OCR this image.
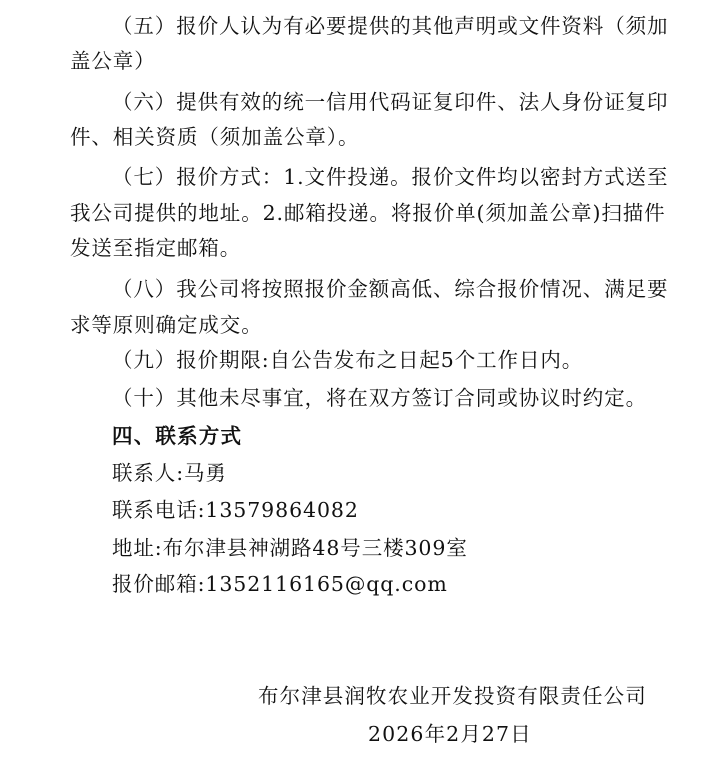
（五）报价人认为有必要提供的其他声明或文件资料（须加
盖公章）
（六）提供有效的统一信用代码证复印件、法人身份证复印
件、相关资质（须加盖公章）。
（七）报价方式：1.文件投递。报价文件均以密封方式送至
我公司提供的地址。2.邮箱投递。将报价单(须加盖公章)扫描件
发送至指定邮箱。
（八）我公司将按照报价金额高低、综合报价情况、满足要
求等原则确定成交。
（九）报价期限:自公告发布之日起5个工作日内。
（十）其他未尽事宜，将在双方签订合同或协议时约定。
四、联系方式
联系人:马勇
联系电话:13579864082
地址:布尔津县神湖路48号三楼309室
报价邮箱:1352116165@qq.com
布尔津县润牧农业开发投资有限责任公司
2026年2月27日
